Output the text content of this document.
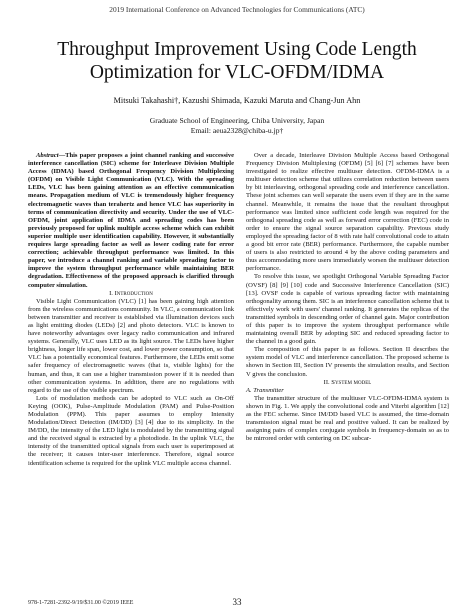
2019 International Conference on Advanced Technologies for Communications (ATC)
Throughput Improvement Using Code Length
Optimization for VLC-OFDM/IDMA
Mitsuki Takahashi†, Kazushi Shimada, Kazuki Maruta and Chang-Jun Ahn
Graduate School of Engineering, Chiba University, Japan
Email: aeua2328@chiba-u.jp†

Abstract—This paper proposes a joint channel ranking and successive interference cancellation (SIC) scheme for Interleave Division Multiple Access (IDMA) based Orthogonal Frequency Division Multiplexing (OFDM) on Visible Light Communication (VLC). With the spreading LEDs, VLC has been gaining attention as an effective communication means. Propagation medium of VLC is tremendously higher frequency electromagnetic waves than terahertz and hence VLC has superiority in terms of communication directivity and security. Under the use of VLC-OFDM, joint application of IDMA and spreading codes has been previously proposed for uplink multiple access scheme which can exhibit superior multiple user identification capability. However, it substantially requires large spreading factor as well as lower coding rate for error correction; achievable throughput performance was limited. In this paper, we introduce a channel ranking and variable spreading factor to improve the system throughput performance while maintaining BER degradation. Effectiveness of the proposed approach is clarified through computer simulation.

I. Introduction

Visible Light Communication (VLC) [1] has been gaining high attention from the wireless communications community. In VLC, a communication link between transmitter and receiver is established via illumination devices such as light emitting diodes (LEDs) [2] and photo detectors. VLC is known to have noteworthy advantages over legacy radio communication and infrared systems. Generally, VLC uses LED as its light source. The LEDs have higher brightness, longer life span, lower cost, and lower power consumption, so that VLC has a potentially economical features. Furthermore, the LEDs emit some safer frequency of electromagnetic waves (that is, visible lights) for the human, and thus, it can use a higher transmission power if it is needed than other communication systems. In addition, there are no regulations with regard to the use of the visible spectrum.

Lots of modulation methods can be adopted to VLC such as On-Off Keying (OOK), Pulse-Amplitude Modulation (PAM) and Pulse-Position Modulation (PPM). This paper assumes to employ Intensity Modulation/Direct Detection (IM/DD) [3] [4] due to its simplicity. In the IM/DD, the intensity of the LED light is modulated by the transmitting signal and the received signal is extracted by a photodiode. In the uplink VLC, the intensity of the transmitted optical signals from each user is superimposed at the receiver; it causes inter-user interference. Therefore, signal source identification scheme is required for the uplink VLC multiple access channel.

Over a decade, Interleave Division Multiple Access based Orthogonal Frequency Division Multiplexing (OFDM) [5] [6] [7] schemes have been investigated to realize effective multiuser detection. OFDM-IDMA is a multiuser detection scheme that utilizes correlation reduction between users by bit interleaving, orthogonal spreading code and interference cancellation. These joint schemes can well separate the users even if they are in the same channel. Meanwhile, it remains the issue that the resultant throughput performance was limited since sufficient code length was required for the orthogonal spreading code as well as forward error correction (FEC) code in order to ensure the signal source separation capability. Previous study employed the spreading factor of 8 with rate half convolutional code to attain a good bit error rate (BER) performance. Furthermore, the capable number of users is also restricted to around 4 by the above coding parameters and thus accommodating more users immediately worsen the multiuser detection performance.

To resolve this issue, we spotlight Orthogonal Variable Spreading Factor (OVSF) [8] [9] [10] code and Successive Interference Cancellation (SIC) [13]. OVSF code is capable of various spreading factor with maintaining orthogonality among them. SIC is an interference cancellation scheme that is effectively work with users' channel ranking. It generates the replicas of the transmitted symbols in descending order of channel gain. Major contribution of this paper is to improve the system throughput performance while maintaining overall BER by adopting SIC and reduced spreading factor to the channel in a good gain.

The composition of this paper is as follows. Section II describes the system model of VLC and interference cancellation. The proposed scheme is shown in Section III, Section IV presents the simulation results, and Section V gives the conclusion.

II. System model

A. Transmitter

The transmitter structure of the multiuser VLC-OFDM-IDMA system is shown in Fig. 1. We apply the convolutional code and Viterbi algorithm [12] as the FEC scheme. Since IM/DD based VLC is assumed, the time-domain transmission signal must be real and positive valued. It can be realized by assigning pairs of complex conjugate symbols in frequency-domain so as to be mirrored order with centering on DC subcar-

978-1-7281-2392-9/19/$31.00 ©2019 IEEE	33
